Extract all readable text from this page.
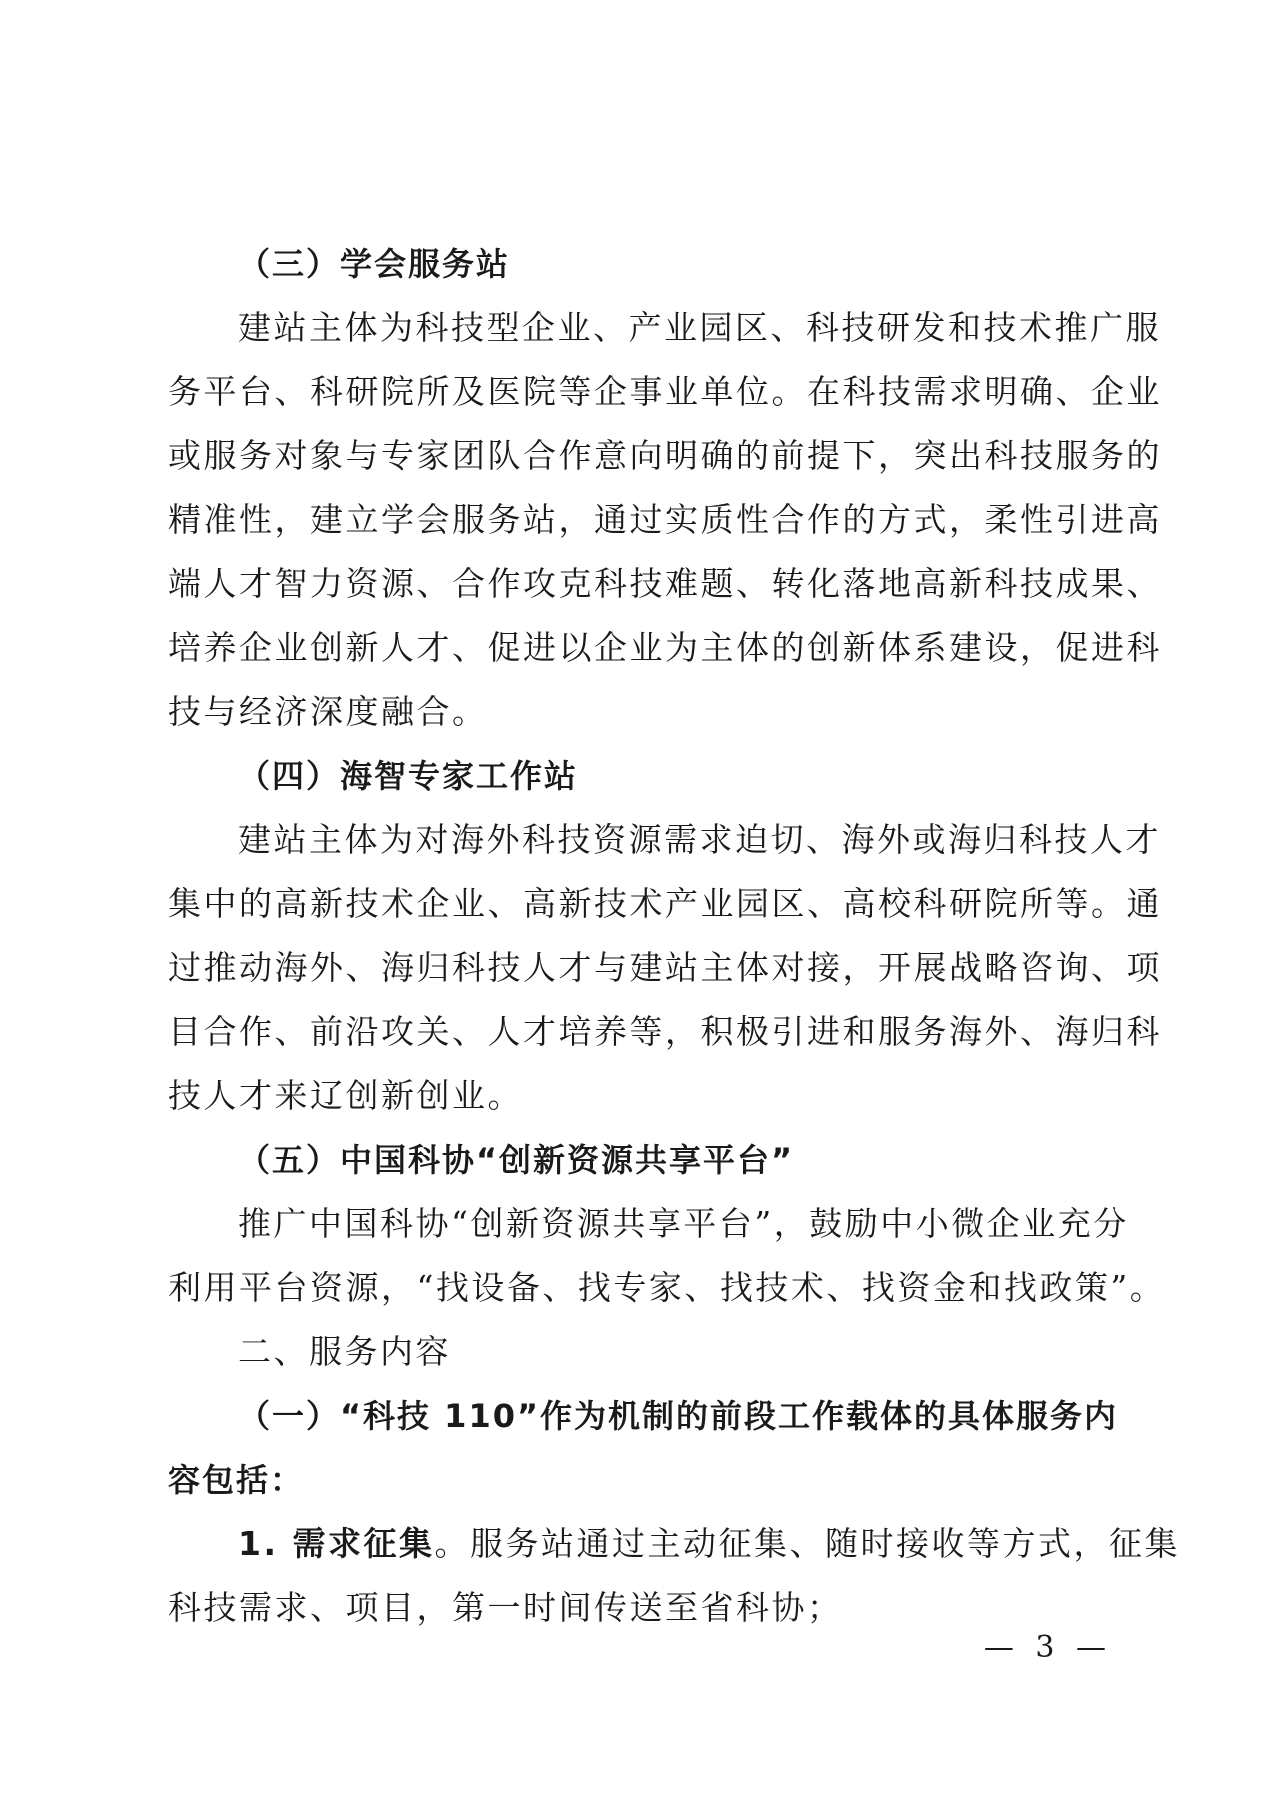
（三）学会服务站
建站主体为科技型企业、产业园区、科技研发和技术推广服
务平台、科研院所及医院等企事业单位。在科技需求明确、企业
或服务对象与专家团队合作意向明确的前提下，突出科技服务的
精准性，建立学会服务站，通过实质性合作的方式，柔性引进高
端人才智力资源、合作攻克科技难题、转化落地高新科技成果、
培养企业创新人才、促进以企业为主体的创新体系建设，促进科
技与经济深度融合。
（四）海智专家工作站
建站主体为对海外科技资源需求迫切、海外或海归科技人才
集中的高新技术企业、高新技术产业园区、高校科研院所等。通
过推动海外、海归科技人才与建站主体对接，开展战略咨询、项
目合作、前沿攻关、人才培养等，积极引进和服务海外、海归科
技人才来辽创新创业。
（五）中国科协“创新资源共享平台”
推广中国科协“创新资源共享平台”，鼓励中小微企业充分
利用平台资源，“找设备、找专家、找技术、找资金和找政策”。
二、服务内容
（一）“科技 110”作为机制的前段工作载体的具体服务内
容包括：
1. 需求征集。服务站通过主动征集、随时接收等方式，征集
科技需求、项目，第一时间传送至省科协；
— 3 —
